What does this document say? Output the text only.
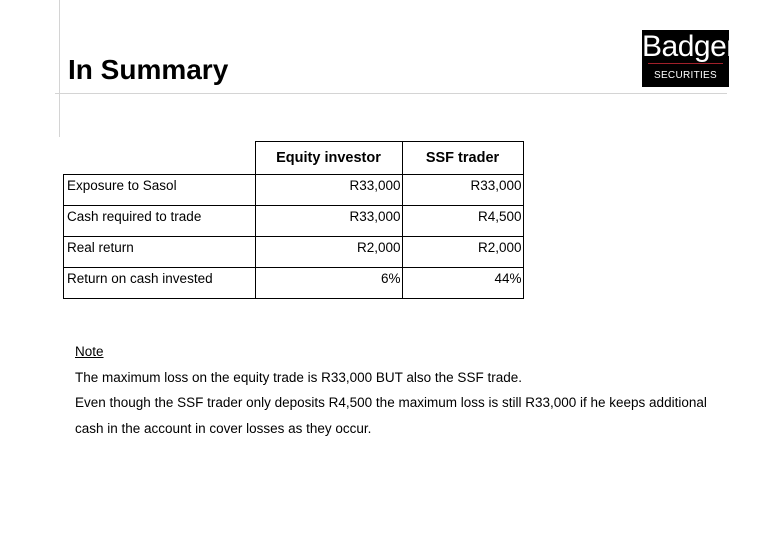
In Summary
Badger
SECURITIES
	Equity investor	SSF trader
Exposure to Sasol	R33,000	R33,000
Cash required to trade	R33,000	R4,500
Real return	R2,000	R2,000
Return on cash invested	6%	44%
Note
The maximum loss on the equity trade is R33,000 BUT also the SSF trade.
Even though the SSF trader only deposits R4,500 the maximum loss is still R33,000 if he keeps additional
cash in the account in cover losses as they occur.
